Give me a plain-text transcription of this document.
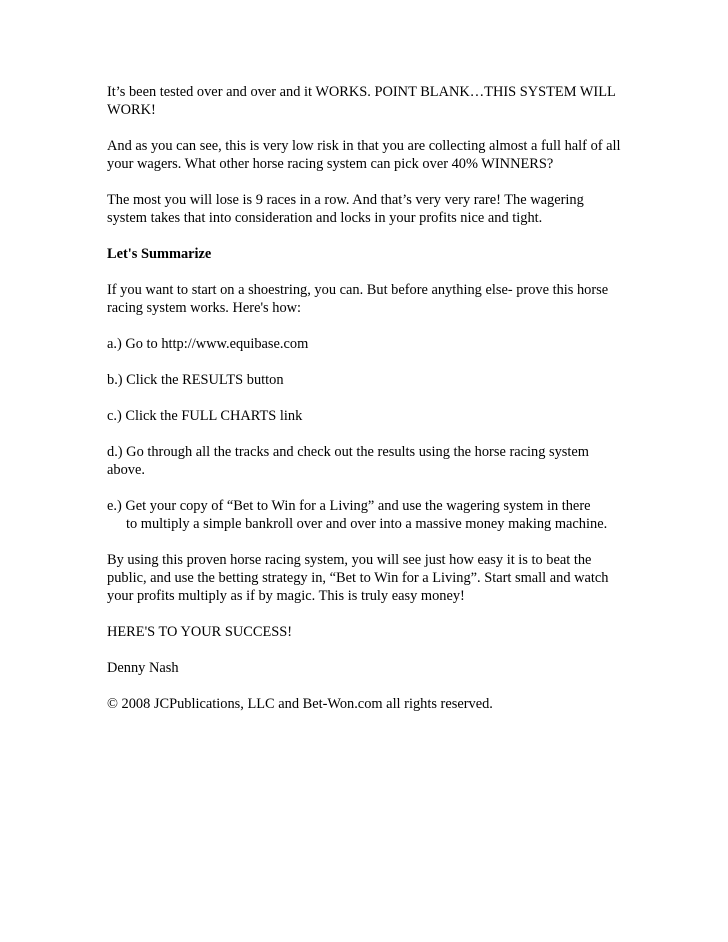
It’s been tested over and over and it WORKS. POINT BLANK…THIS SYSTEM WILL WORK!

And as you can see, this is very low risk in that you are collecting almost a full half of all your wagers. What other horse racing system can pick over 40% WINNERS?

The most you will lose is 9 races in a row. And that’s very very rare! The wagering system takes that into consideration and locks in your profits nice and tight.

Let's Summarize

If you want to start on a shoestring, you can. But before anything else- prove this horse racing system works. Here's how:

a.) Go to http://www.equibase.com

b.) Click the RESULTS button

c.) Click the FULL CHARTS link

d.) Go through all the tracks and check out the results using the horse racing system above.

e.) Get your copy of “Bet to Win for a Living” and use the wagering system in there
to multiply a simple bankroll over and over into a massive money making machine.

By using this proven horse racing system, you will see just how easy it is to beat the public, and use the betting strategy in, “Bet to Win for a Living”. Start small and watch your profits multiply as if by magic. This is truly easy money!

HERE'S TO YOUR SUCCESS!

Denny Nash

© 2008 JCPublications, LLC and Bet-Won.com all rights reserved.
